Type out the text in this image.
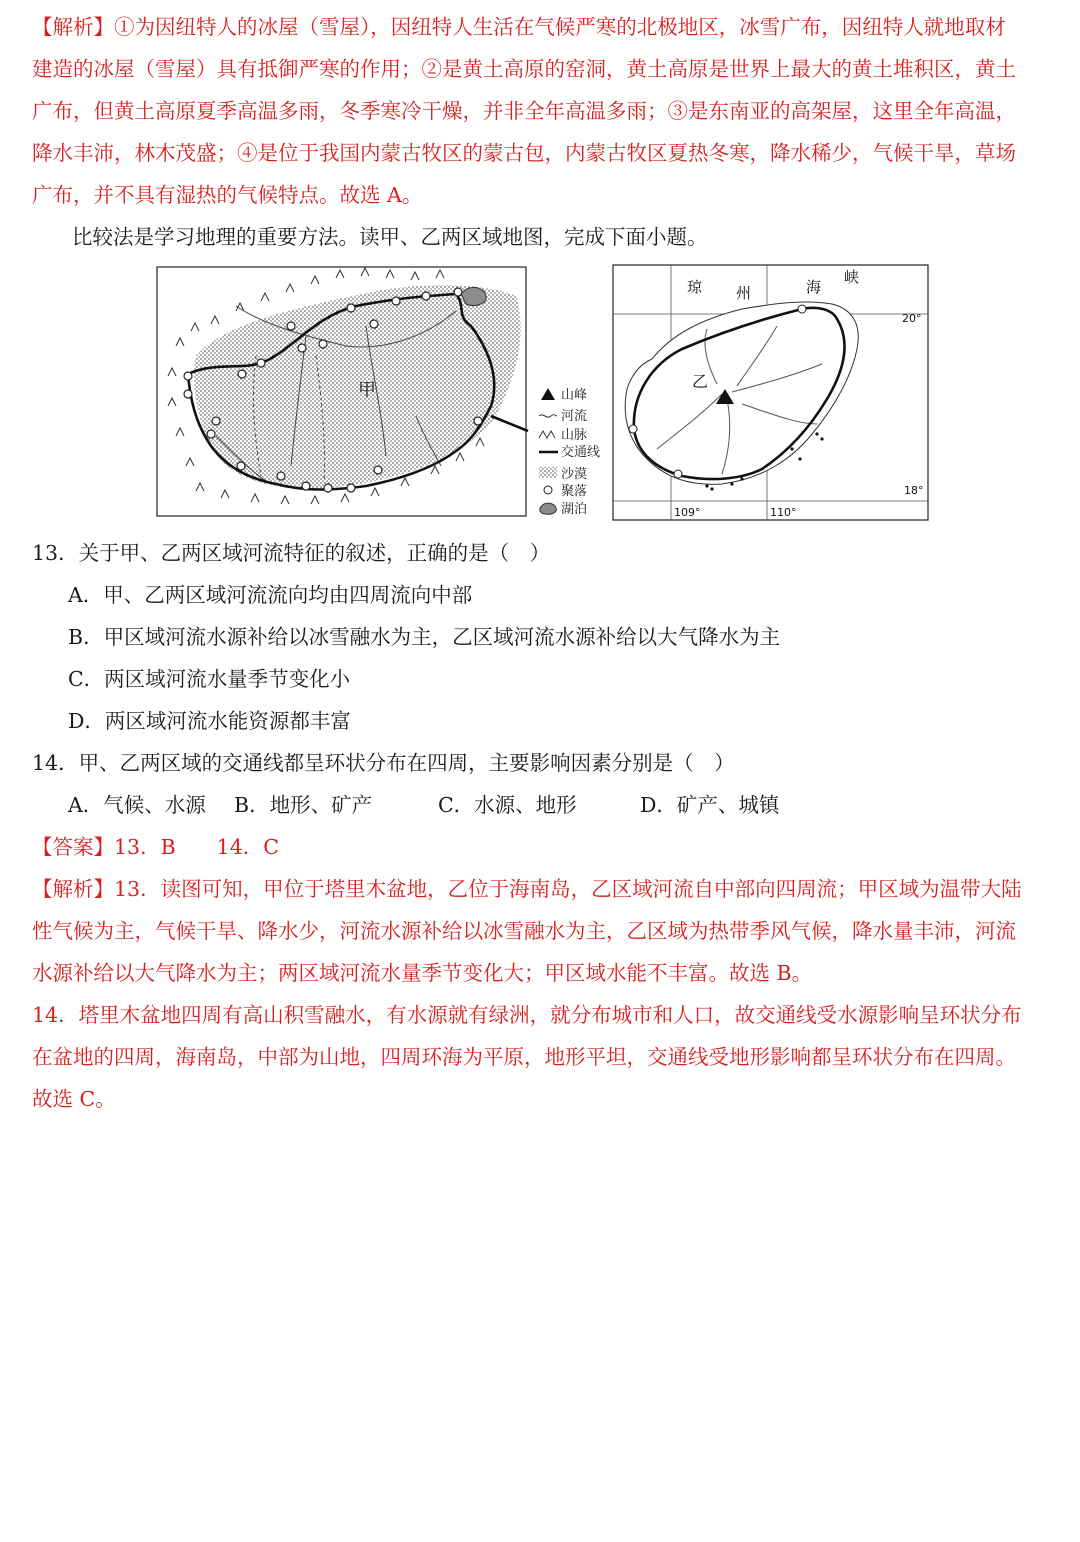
【解析】①为因纽特人的冰屋（雪屋），因纽特人生活在气候严寒的北极地区，冰雪广布，因纽特人就地取材
建造的冰屋（雪屋）具有抵御严寒的作用；②是黄土高原的窑洞，黄土高原是世界上最大的黄土堆积区，黄土
广布，但黄土高原夏季高温多雨，冬季寒冷干燥，并非全年高温多雨；③是东南亚的高架屋，这里全年高温，
降水丰沛，林木茂盛；④是位于我国内蒙古牧区的蒙古包，内蒙古牧区夏热冬寒，降水稀少，气候干旱，草场
广布，并不具有湿热的气候特点。故选 A。
比较法是学习地理的重要方法。读甲、乙两区域地图，完成下面小题。
甲	山峰
河流
山脉
交通线
沙漠
聚落
湖泊
琼 州	海
峡
乙
20°
18°
109°	110°
13．关于甲、乙两区域河流特征的叙述，正确的是（　）
A．甲、乙两区域河流流向均由四周流向中部
B．甲区域河流水源补给以冰雪融水为主，乙区域河流水源补给以大气降水为主
C．两区域河流水量季节变化小
D．两区域河流水能资源都丰富
14．甲、乙两区域的交通线都呈环状分布在四周，主要影响因素分别是（　）
A．气候、水源 B．地形、矿产	C．水源、地形	D．矿产、城镇
【答案】13．B　　14．C
【解析】13．读图可知，甲位于塔里木盆地，乙位于海南岛，乙区域河流自中部向四周流；甲区域为温带大陆
性气候为主，气候干旱、降水少，河流水源补给以冰雪融水为主，乙区域为热带季风气候，降水量丰沛，河流
水源补给以大气降水为主；两区域河流水量季节变化大；甲区域水能不丰富。故选 B。
14．塔里木盆地四周有高山积雪融水，有水源就有绿洲，就分布城市和人口，故交通线受水源影响呈环状分布
在盆地的四周，海南岛，中部为山地，四周环海为平原，地形平坦，交通线受地形影响都呈环状分布在四周。
故选 C。
